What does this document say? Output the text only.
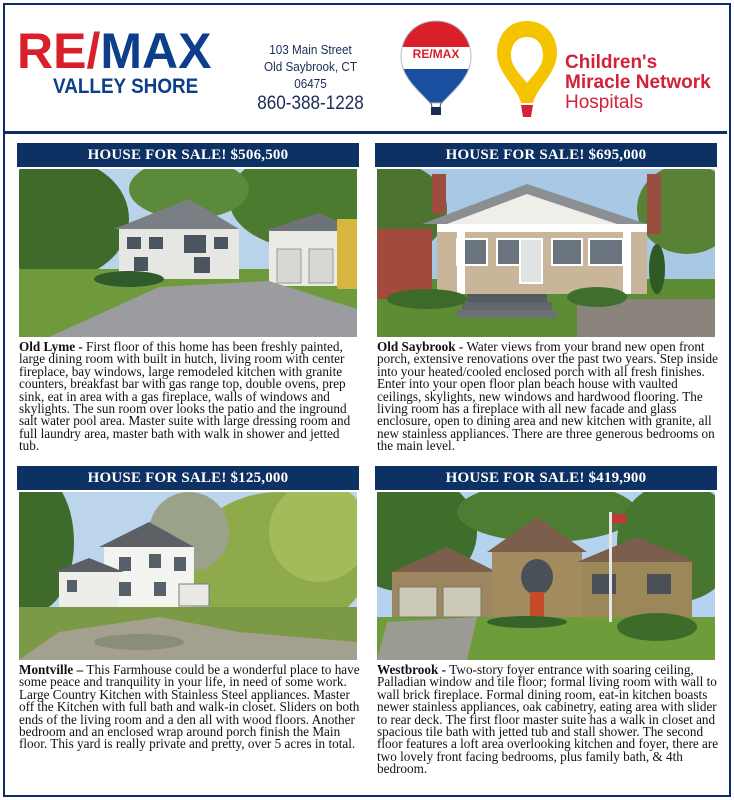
RE/MAX
VALLEY SHORE
103 Main Street
Old Saybrook, CT 06475
860-388-1228
RE/MAX	Children's
Miracle Network
Hospitals
HOUSE FOR SALE! $506,500
Old Lyme - First floor of this home has been freshly painted, large dining room with built in hutch, living room with center fireplace, bay windows, large remodeled kitchen with granite counters, breakfast bar with gas range top, double ovens, prep sink, eat in area with a gas fireplace, walls of windows and skylights. The sun room over looks the patio and the inground salt water pool area. Master suite with large dressing room and full laundry area, master bath with walk in shower and jetted tub.
HOUSE FOR SALE! $695,000
Old Saybrook - Water views from your brand new open front porch, extensive renovations over the past two years. Step inside into your heated/cooled enclosed porch with all fresh finishes. Enter into your open floor plan beach house with vaulted ceilings, skylights, new windows and hardwood flooring. The living room has a fireplace with all new facade and glass enclosure, open to dining area and new kitchen with granite, all new stainless appliances. There are three generous bedrooms on the main level.
HOUSE FOR SALE! $125,000
Montville – This Farmhouse could be a wonderful place to have some peace and tranquility in your life, in need of some work. Large Country Kitchen with Stainless Steel appliances. Master off the Kitchen with full bath and walk-in closet. Sliders on both ends of the living room and a den all with wood floors. Another bedroom and an enclosed wrap around porch finish the Main floor. This yard is really private and pretty, over 5 acres in total.
HOUSE FOR SALE! $419,900
Westbrook - Two-story foyer entrance with soaring ceiling, Palladian window and tile floor; formal living room with wall to wall brick fireplace. Formal dining room, eat-in kitchen boasts newer stainless appliances, oak cabinetry, eating area with slider to rear deck. The first floor master suite has a walk in closet and spacious tile bath with jetted tub and stall shower. The second floor features a loft area overlooking kitchen and foyer, there are two lovely front facing bedrooms, plus family bath, & 4th bedroom.
